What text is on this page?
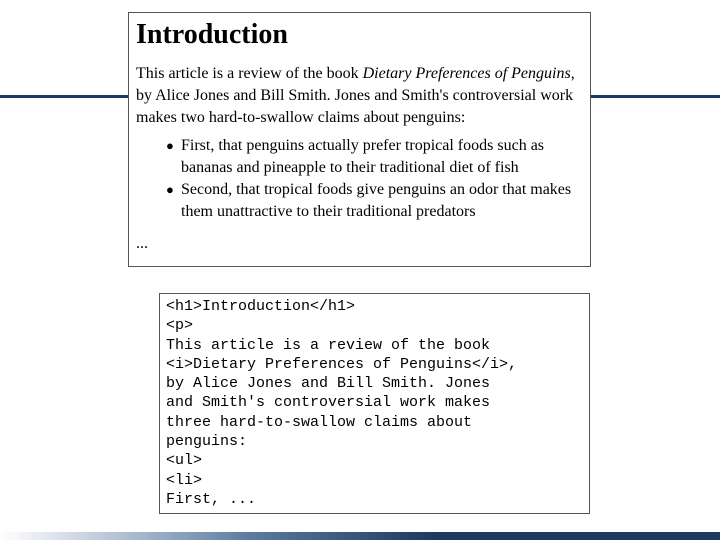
Introduction

This article is a review of the book Dietary Preferences of Penguins, by Alice Jones and Bill Smith. Jones and Smith's controversial work makes two hard-to-swallow claims about penguins:

● First, that penguins actually prefer tropical foods such as bananas and pineapple to their traditional diet of fish
● Second, that tropical foods give penguins an odor that makes them unattractive to their traditional predators

...

<h1>Introduction</h1>
<p>
This article is a review of the book
<i>Dietary Preferences of Penguins</i>,
by Alice Jones and Bill Smith. Jones
and Smith's controversial work makes
three hard-to-swallow claims about
penguins:
<ul>
<li>
First, ...
